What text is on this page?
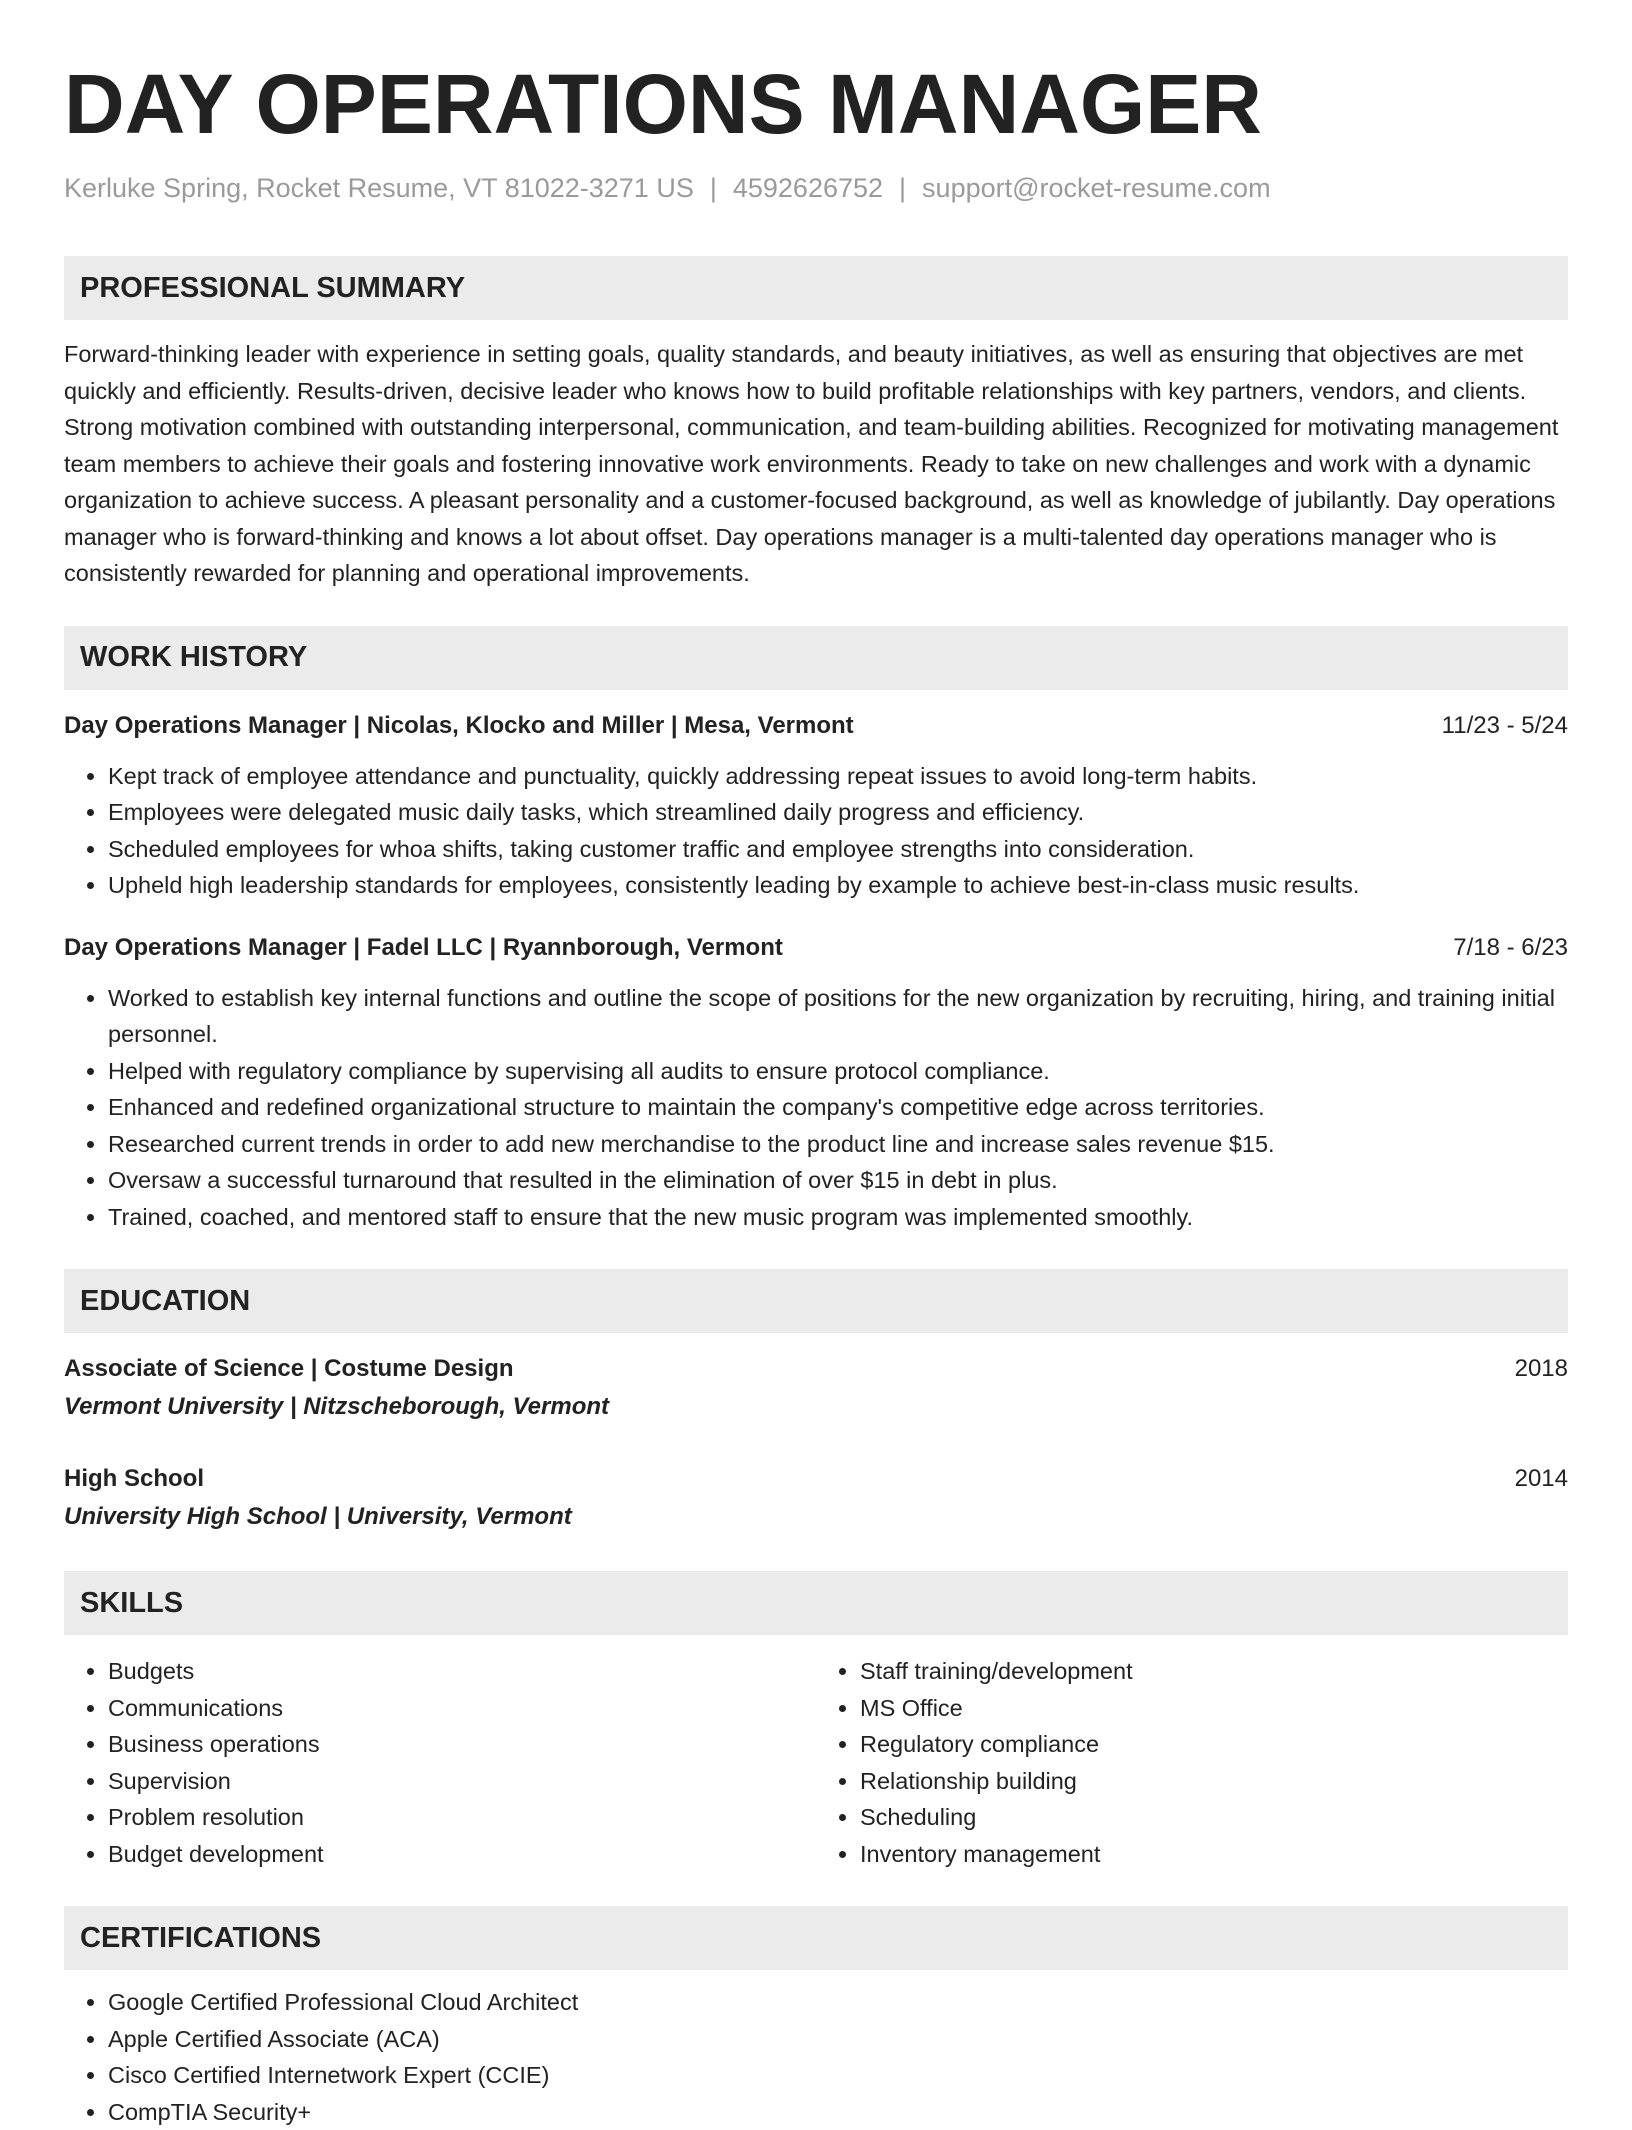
DAY OPERATIONS MANAGER
Kerluke Spring, Rocket Resume, VT 81022-3271 US | 4592626752 | support@rocket-resume.com
PROFESSIONAL SUMMARY

Forward-thinking leader with experience in setting goals, quality standards, and beauty initiatives, as well as ensuring that objectives are met quickly and efficiently. Results-driven, decisive leader who knows how to build profitable relationships with key partners, vendors, and clients. Strong motivation combined with outstanding interpersonal, communication, and team-building abilities. Recognized for motivating management team members to achieve their goals and fostering innovative work environments. Ready to take on new challenges and work with a dynamic organization to achieve success. A pleasant personality and a customer-focused background, as well as knowledge of jubilantly. Day operations manager who is forward-thinking and knows a lot about offset. Day operations manager is a multi-talented day operations manager who is consistently rewarded for planning and operational improvements.

WORK HISTORY
Day Operations Manager | Nicolas, Klocko and Miller | Mesa, Vermont	11/23 - 5/24
• Kept track of employee attendance and punctuality, quickly addressing repeat issues to avoid long-term habits.
• Employees were delegated music daily tasks, which streamlined daily progress and efficiency.
• Scheduled employees for whoa shifts, taking customer traffic and employee strengths into consideration.
• Upheld high leadership standards for employees, consistently leading by example to achieve best-in-class music results.
Day Operations Manager | Fadel LLC | Ryannborough, Vermont	7/18 - 6/23
• Worked to establish key internal functions and outline the scope of positions for the new organization by recruiting, hiring, and training initial personnel.
• Helped with regulatory compliance by supervising all audits to ensure protocol compliance.
• Enhanced and redefined organizational structure to maintain the company's competitive edge across territories.
• Researched current trends in order to add new merchandise to the product line and increase sales revenue $15.
• Oversaw a successful turnaround that resulted in the elimination of over $15 in debt in plus.
• Trained, coached, and mentored staff to ensure that the new music program was implemented smoothly.
EDUCATION
Associate of Science | Costume Design	2018
Vermont University | Nitzscheborough, Vermont
High School	2014
University High School | University, Vermont
SKILLS
• Budgets
• Communications
• Business operations
• Supervision
• Problem resolution
• Budget development
• Staff training/development
• MS Office
• Regulatory compliance
• Relationship building
• Scheduling
• Inventory management
CERTIFICATIONS
• Google Certified Professional Cloud Architect
• Apple Certified Associate (ACA)
• Cisco Certified Internetwork Expert (CCIE)
• CompTIA Security+
